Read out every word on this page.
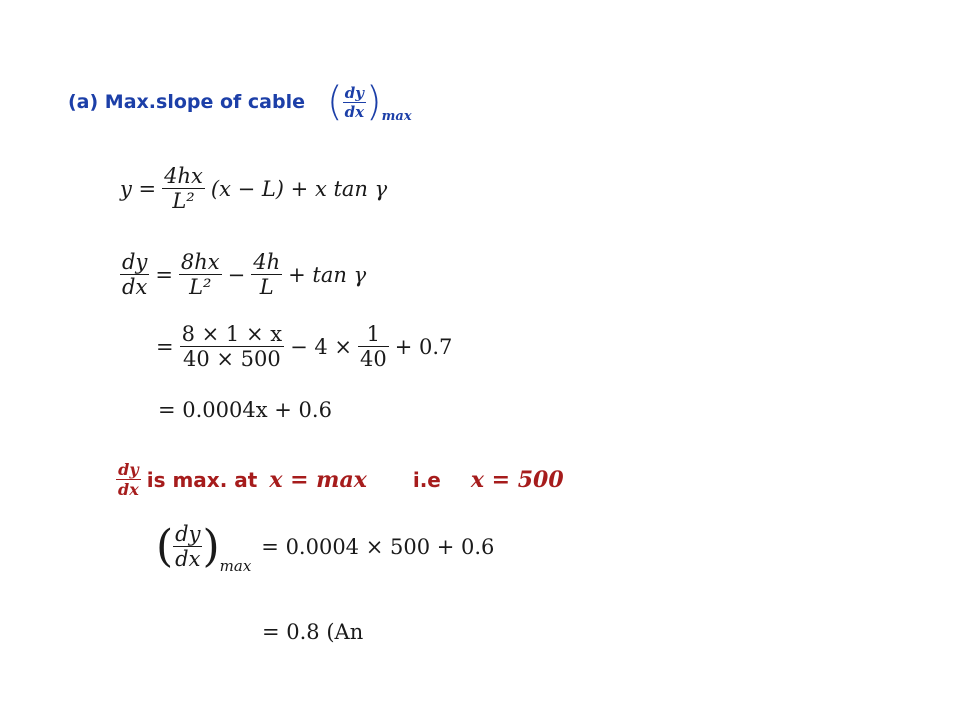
(a) Max.slope of cable ( $\frac{dy}{dx}$ ) max
$y = \frac{4hx}{\text{L²}} (x - L) + x$ tan γ
$\frac{dy}{dx} = \frac{8hx}{\text{L²}} - \frac{4h}{L} + \tan \gamma$
= $\frac{8 \times 1 \times x}{40 \times 500} - 4 \times \frac{1}{40} + 0.7$
= 0.0004x + 0.6
$\frac{dy}{dx}$ is max. at x = max i.e x = 500
( $\frac{dy}{dx}$ ) max
= 0.0004 × 500 + 0.6
= 0.8 (An
